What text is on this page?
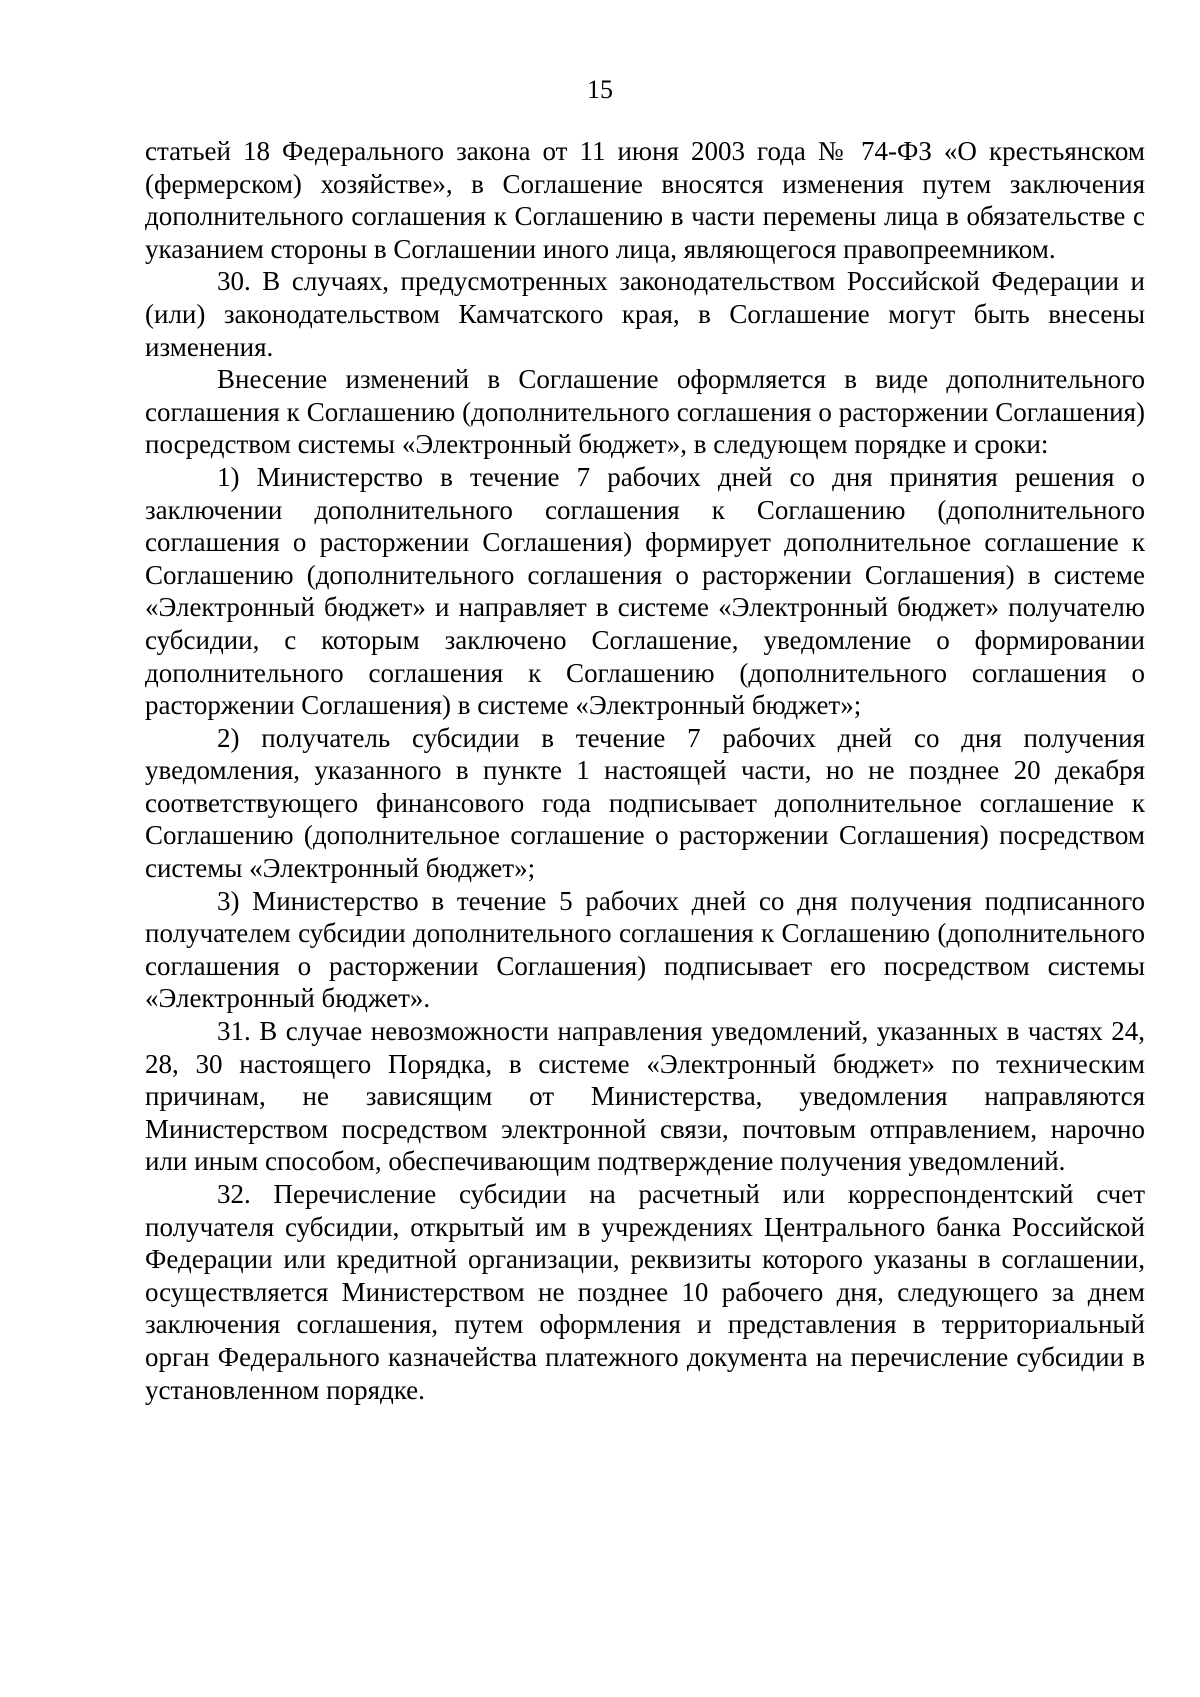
15

статьей 18 Федерального закона от 11 июня 2003 года № 74-ФЗ «О крестьянском (фермерском) хозяйстве», в Соглашение вносятся изменения путем заключения дополнительного соглашения к Соглашению в части перемены лица в обязательстве с указанием стороны в Соглашении иного лица, являющегося правопреемником.

30. В случаях, предусмотренных законодательством Российской Федерации и (или) законодательством Камчатского края, в Соглашение могут быть внесены изменения.

Внесение изменений в Соглашение оформляется в виде дополнительного соглашения к Соглашению (дополнительного соглашения о расторжении Соглашения) посредством системы «Электронный бюджет», в следующем порядке и сроки:

1) Министерство в течение 7 рабочих дней со дня принятия решения о заключении дополнительного соглашения к Соглашению (дополнительного соглашения о расторжении Соглашения) формирует дополнительное соглашение к Соглашению (дополнительного соглашения о расторжении Соглашения) в системе «Электронный бюджет» и направляет в системе «Электронный бюджет» получателю субсидии, с которым заключено Соглашение, уведомление о формировании дополнительного соглашения к Соглашению (дополнительного соглашения о расторжении Соглашения) в системе «Электронный бюджет»;

2) получатель субсидии в течение 7 рабочих дней со дня получения уведомления, указанного в пункте 1 настоящей части, но не позднее 20 декабря соответствующего финансового года подписывает дополнительное соглашение к Соглашению (дополнительное соглашение о расторжении Соглашения) посредством системы «Электронный бюджет»;

3) Министерство в течение 5 рабочих дней со дня получения подписанного получателем субсидии дополнительного соглашения к Соглашению (дополнительного соглашения о расторжении Соглашения) подписывает его посредством системы «Электронный бюджет».

31. В случае невозможности направления уведомлений, указанных в частях 24, 28, 30 настоящего Порядка, в системе «Электронный бюджет» по техническим причинам, не зависящим от Министерства, уведомления направляются Министерством посредством электронной связи, почтовым отправлением, нарочно или иным способом, обеспечивающим подтверждение получения уведомлений.

32. Перечисление субсидии на расчетный или корреспондентский счет получателя субсидии, открытый им в учреждениях Центрального банка Российской Федерации или кредитной организации, реквизиты которого указаны в соглашении, осуществляется Министерством не позднее 10 рабочего дня, следующего за днем заключения соглашения, путем оформления и представления в территориальный орган Федерального казначейства платежного документа на перечисление субсидии в установленном порядке.
